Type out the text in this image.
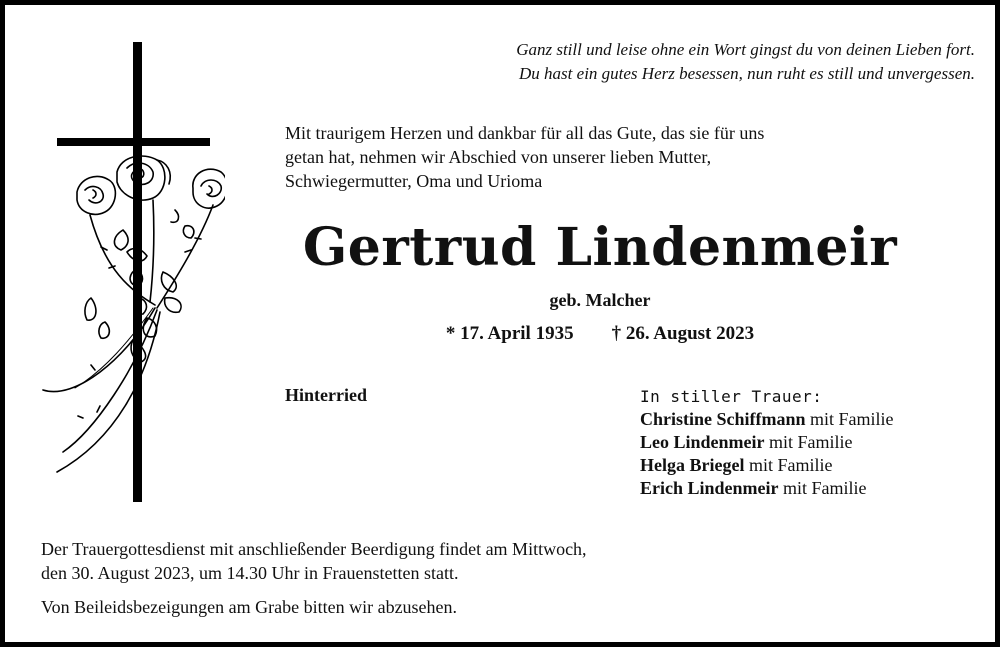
Ganz still und leise ohne ein Wort gingst du von deinen Lieben fort.
Du hast ein gutes Herz besessen, nun ruht es still und unvergessen.
Mit traurigem Herzen und dankbar für all das Gute, das sie für uns
getan hat, nehmen wir Abschied von unserer lieben Mutter,
Schwiegermutter, Oma und Urioma
Gertrud Lindenmeir
geb. Malcher
* 17. April 1935 † 26. August 2023
Hinterried	In stiller Trauer:
Christine Schiffmann mit Familie
Leo Lindenmeir mit Familie
Helga Briegel mit Familie
Erich Lindenmeir mit Familie
Der Trauergottesdienst mit anschließender Beerdigung findet am Mittwoch,
den 30. August 2023, um 14.30 Uhr in Frauenstetten statt.
Von Beileidsbezeigungen am Grabe bitten wir abzusehen.
